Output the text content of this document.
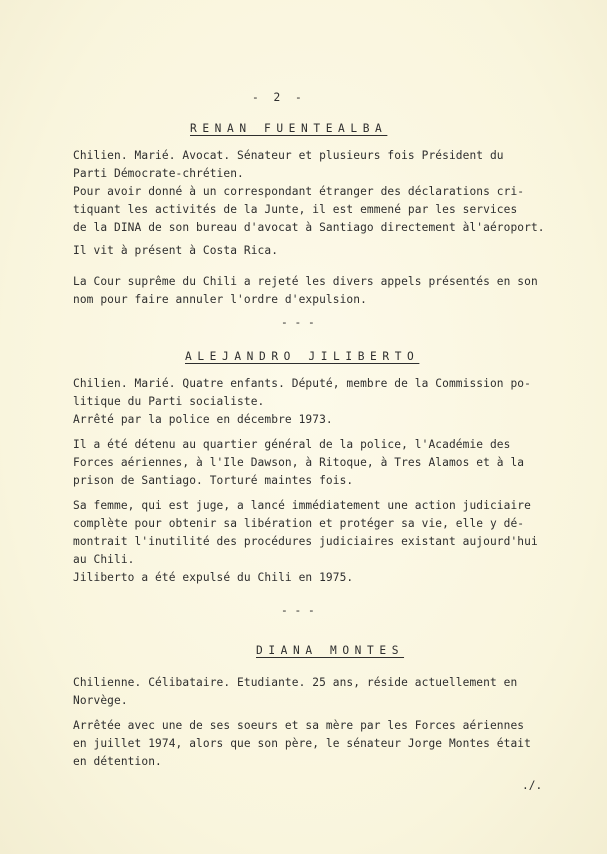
- 2 -
RENAN FUENTEALBA
Chilien. Marié. Avocat. Sénateur et plusieurs fois Président du
Parti Démocrate-chrétien.
Pour avoir donné à un correspondant étranger des déclarations cri-
tiquant les activités de la Junte, il est emmené par les services
de la DINA de son bureau d'avocat à Santiago directement àl'aéroport.
Il vit à présent à Costa Rica.
La Cour suprême du Chili a rejeté les divers appels présentés en son
nom pour faire annuler l'ordre d'expulsion.
- - -
ALEJANDRO JILIBERTO
Chilien. Marié. Quatre enfants. Député, membre de la Commission po-
litique du Parti socialiste.
Arrêté par la police en décembre 1973.
Il a été détenu au quartier général de la police, l'Académie des
Forces aériennes, à l'Ile Dawson, à Ritoque, à Tres Alamos et à la
prison de Santiago. Torturé maintes fois.
Sa femme, qui est juge, a lancé immédiatement une action judiciaire
complète pour obtenir sa libération et protéger sa vie, elle y dé-
montrait l'inutilité des procédures judiciaires existant aujourd'hui
au Chili.
Jiliberto a été expulsé du Chili en 1975.
- - -
DIANA MONTES
Chilienne. Célibataire. Etudiante. 25 ans, réside actuellement en
Norvège.
Arrêtée avec une de ses soeurs et sa mère par les Forces aériennes
en juillet 1974, alors que son père, le sénateur Jorge Montes était
en détention.
./.
